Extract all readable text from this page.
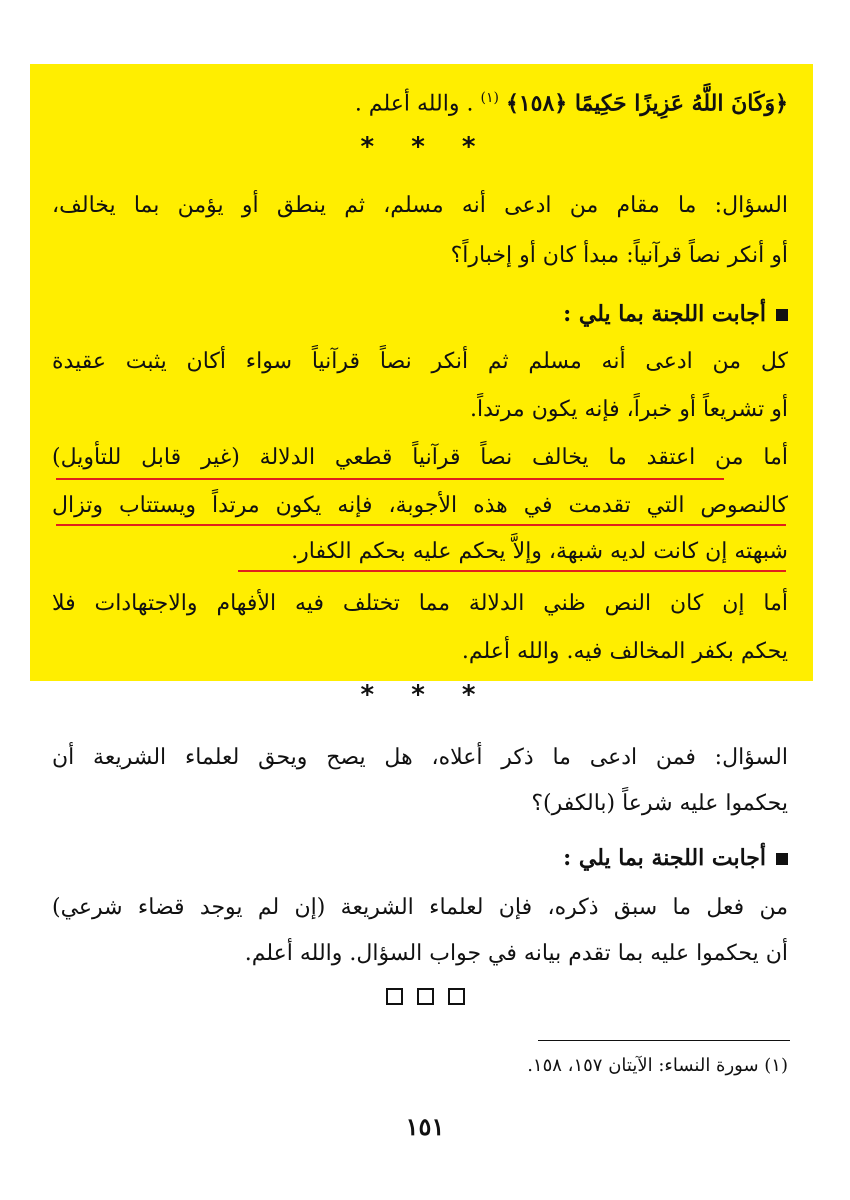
﴿وَكَانَ اللَّهُ عَزِيزًا حَكِيمًا ﴿١٥٨﴾ $^{(١)}$ . والله أعلم .
* * *
السؤال: ما مقام من ادعى أنه مسلم، ثم ينطق أو يؤمن بما يخالف،
أو أنكر نصاً قرآنياً: مبدأ كان أو إخباراً؟
أجابت اللجنة بما يلي :
كل من ادعى أنه مسلم ثم أنكر نصاً قرآنياً سواء أكان يثبت عقيدة
أو تشريعاً أو خبراً، فإنه يكون مرتداً.
أما من اعتقد ما يخالف نصاً قرآنياً قطعي الدلالة (غير قابل للتأويل)
كالنصوص التي تقدمت في هذه الأجوبة، فإنه يكون مرتداً ويستتاب وتزال
شبهته إن كانت لديه شبهة، وإلاَّ يحكم عليه بحكم الكفار.
أما إن كان النص ظني الدلالة مما تختلف فيه الأفهام والاجتهادات فلا
يحكم بكفر المخالف فيه. والله أعلم.
* * *
السؤال: فمن ادعى ما ذكر أعلاه، هل يصح ويحق لعلماء الشريعة أن
يحكموا عليه شرعاً (بالكفر)؟
أجابت اللجنة بما يلي :
من فعل ما سبق ذكره، فإن لعلماء الشريعة (إن لم يوجد قضاء شرعي)
أن يحكموا عليه بما تقدم بيانه في جواب السؤال. والله أعلم.
(١) سورة النساء: الآيتان ١٥٧، ١٥٨.
١٥١
